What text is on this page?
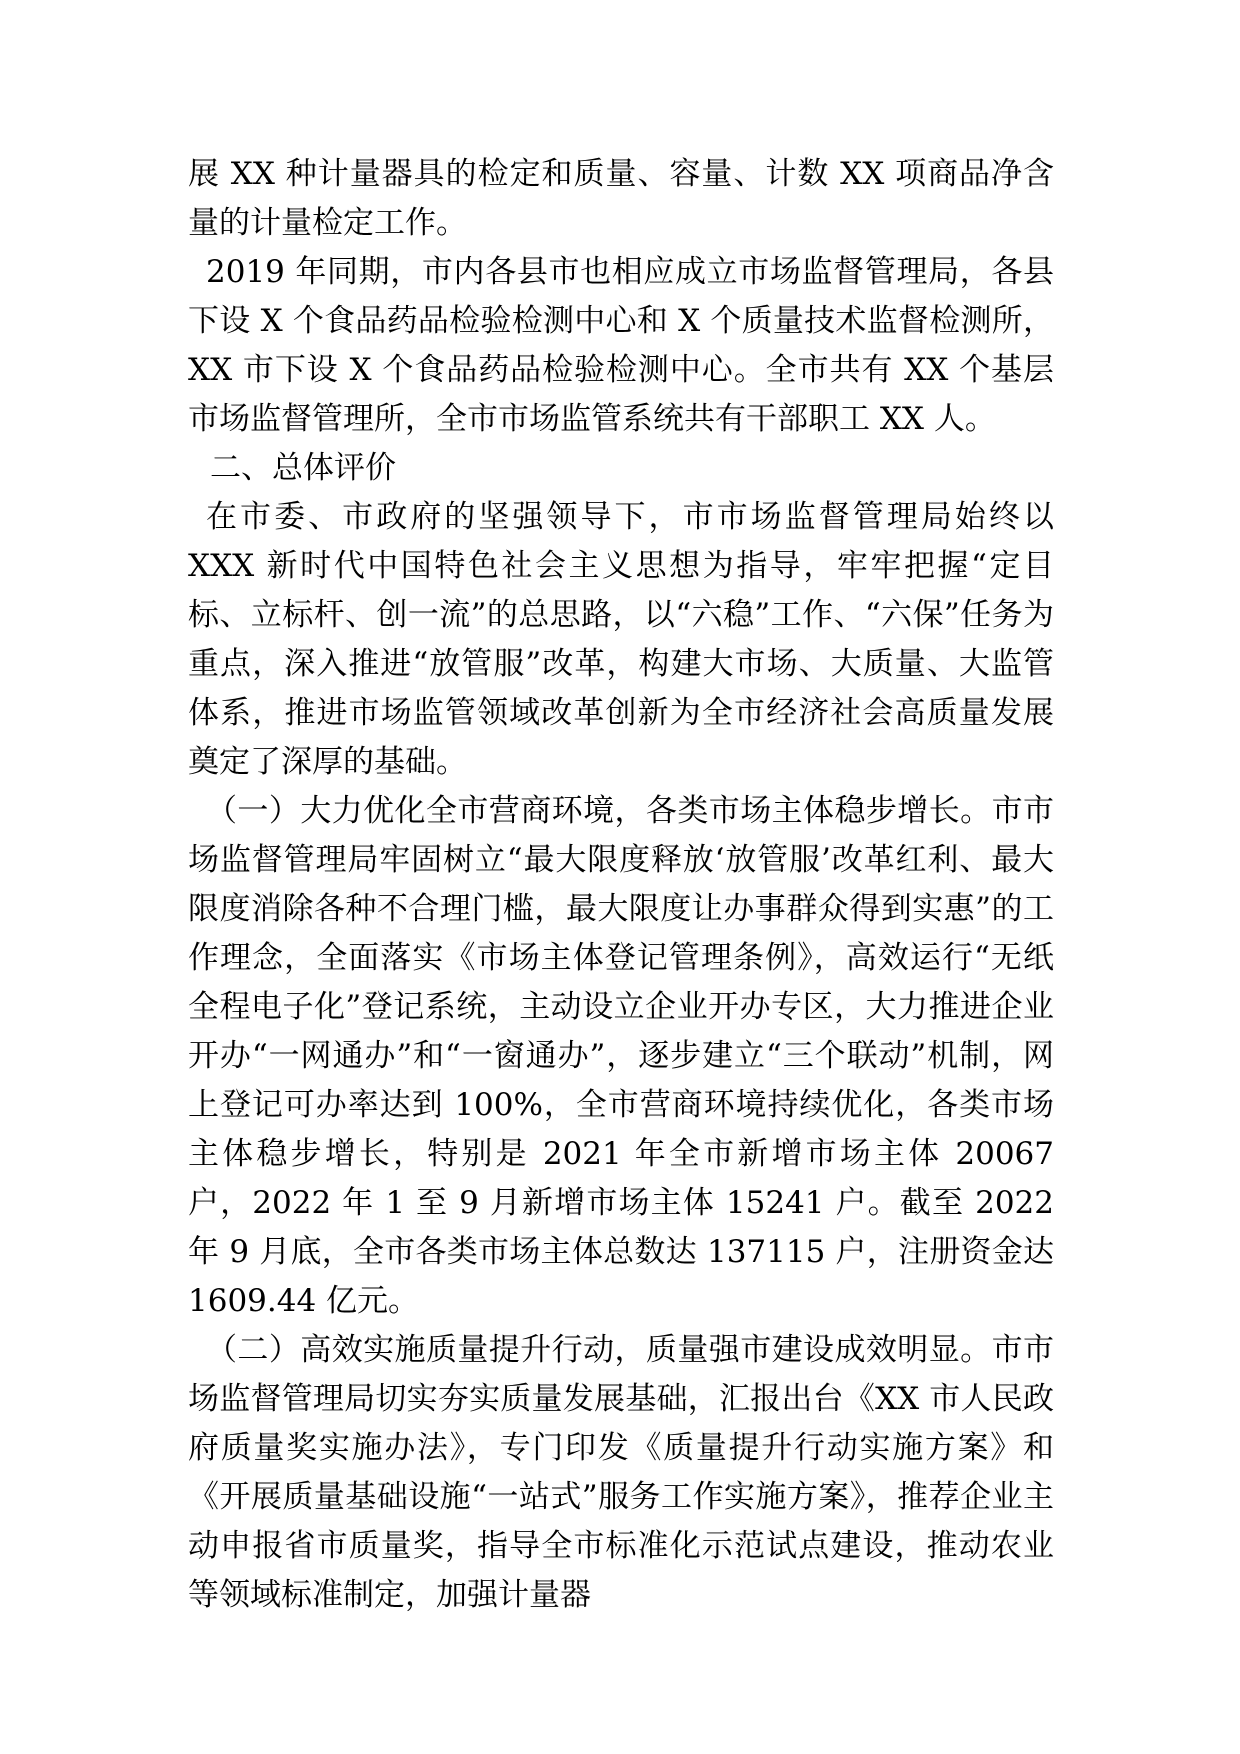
展 XX 种计量器具的检定和质量、容量、计数 XX 项商品净含量的计量检定工作。

2019 年同期，市内各县市也相应成立市场监督管理局，各县下设 X 个食品药品检验检测中心和 X 个质量技术监督检测所，XX 市下设 X 个食品药品检验检测中心。全市共有 XX 个基层市场监督管理所，全市市场监管系统共有干部职工 XX 人。

二、总体评价

在市委、市政府的坚强领导下，市市场监督管理局始终以 XXX 新时代中国特色社会主义思想为指导，牢牢把握“定目标、立标杆、创一流”的总思路，以“六稳”工作、“六保”任务为重点，深入推进“放管服”改革，构建大市场、大质量、大监管体系，推进市场监管领域改革创新为全市经济社会高质量发展奠定了深厚的基础。

（一）大力优化全市营商环境，各类市场主体稳步增长。市市场监督管理局牢固树立“最大限度释放‘放管服’改革红利、最大限度消除各种不合理门槛，最大限度让办事群众得到实惠”的工作理念，全面落实《市场主体登记管理条例》，高效运行“无纸全程电子化”登记系统，主动设立企业开办专区，大力推进企业开办“一网通办”和“一窗通办”，逐步建立“三个联动”机制，网上登记可办率达到 100%，全市营商环境持续优化，各类市场主体稳步增长，特别是 2021 年全市新增市场主体 20067 户，2022 年 1 至 9 月新增市场主体 15241 户。截至 2022 年 9 月底，全市各类市场主体总数达 137115 户，注册资金达 1609.44 亿元。

（二）高效实施质量提升行动，质量强市建设成效明显。市市场监督管理局切实夯实质量发展基础，汇报出台《XX 市人民政府质量奖实施办法》，专门印发《质量提升行动实施方案》和《开展质量基础设施“一站式”服务工作实施方案》，推荐企业主动申报省市质量奖，指导全市标准化示范试点建设，推动农业等领域标准制定，加强计量器
